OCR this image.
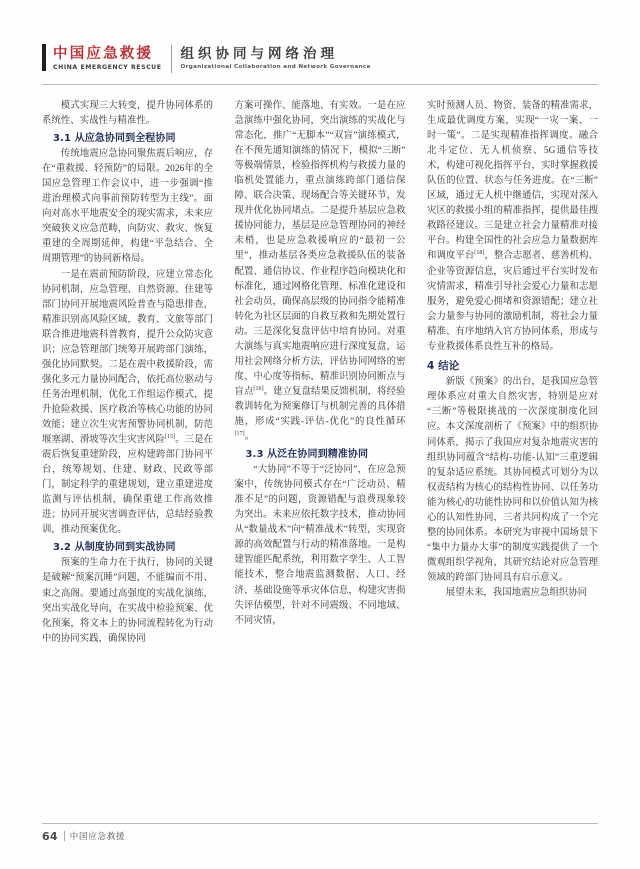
中国应急救援
CHINA EMERGENCY RESCUE
组织协同与网络治理
Organizational Collaboration and Network Governance

模式实现三大转变，提升协同体系的系统性、实战性与精准性。

3.1 从应急协同到全程协同

传统地震应急协同聚焦震后响应，存在“重救援、轻预防”的局限。2026年的全国应急管理工作会议中，进一步强调“推进治理模式向事前预防转型为主线”。面向对高水平地震安全的现实需求，未来应突破狭义应急范畴，向防灾、救灾、恢复重建的全周期延伸，构建“平急结合、全周期管理”的协同新格局。

一是在震前预防阶段，应建立常态化协同机制，应急管理、自然资源、住建等部门协同开展地震风险普查与隐患排查，精准识别高风险区域，教育、文旅等部门联合推进地震科普教育，提升公众防灾意识；应急管理部门统筹开展跨部门演练，强化协同默契。二是在震中救援阶段，需强化多元力量协同配合，依托高位驱动与任务治理机制，优化工作组运作模式，提升抢险救援、医疗救治等核心功能的协同效能；建立次生灾害预警协同机制，防范堰塞湖、滑坡等次生灾害风险[15]。三是在震后恢复重建阶段，应构建跨部门协同平台，统筹规划、住建、财政、民政等部门，制定科学的重建规划，建立重建进度监测与评估机制，确保重建工作高效推进；协同开展灾害调查评估，总结经验教训，推动预案优化。

3.2 从制度协同到实战协同

预案的生命力在于执行，协同的关键是破解“预案沉睡”问题，不能编而不用、束之高阁。要通过高强度的实战化演练，突出实战化导向，在实战中检验预案、优化预案，将文本上的协同流程转化为行动中的协同实践，确保协同

方案可操作、能落地、有实效。一是在应急演练中强化协同，突出演练的实战化与常态化，推广“无脚本”“双盲”演练模式，在不预先通知演练的情况下，模拟“三断”等极端情景，检验指挥机构与救援力量的临机处置能力，重点演练跨部门通信保障、联合决策、现场配合等关键环节，发现并优化协同堵点。二是提升基层应急救援协同能力，基层是应急管理协同的神经末梢，也是应急救援响应的“最初一公里”，推动基层各类应急救援队伍的装备配置、通信协议、作业程序趋向模块化和标准化，通过网格化管理、标准化建设和社会动员，确保高层级的协同指令能精准转化为社区层面的自救互救和先期处置行动。三是深化复盘评估中培育协同。对重大演练与真实地震响应进行深度复盘，运用社会网络分析方法，评估协同网络的密度、中心度等指标，精准识别协同断点与盲点[16]。建立复盘结果反馈机制，将经验教训转化为预案修订与机制完善的具体措施，形成“实践‑评估‑优化”的良性循环[17]。

3.3 从泛在协同到精准协同

“大协同”不等于“泛协同”，在应急预案中，传统协同模式存在“广泛动员、精准不足”的问题，资源错配与浪费现象较为突出。未来应依托数字技术，推动协同从“数量战术”向“精准战术”转型，实现资源的高效配置与行动的精准落地。一是构建智能匹配系统，利用数字孪生、人工智能技术，整合地震监测数据、人口、经济、基础设施等承灾体信息，构建灾害损失评估模型，针对不同震级、不同地域、不同灾情，

实时预测人员、物资、装备的精准需求，生成最优调度方案，实现“一灾一案、一时一策”。二是实现精准指挥调度。融合北斗定位、无人机侦察、5G通信等技术，构建可视化指挥平台，实时掌握救援队伍的位置、状态与任务进度。在“三断”区域，通过无人机中继通信，实现对深入灾区的救援小组的精准指挥，提供最佳搜救路径建议。三是建立社会力量精准对接平台。构建全国性的社会应急力量数据库和调度平台[18]，整合志愿者、慈善机构、企业等资源信息，灾后通过平台实时发布灾情需求，精准引导社会爱心力量和志愿服务，避免爱心拥堵和资源错配；建立社会力量参与协同的激励机制，将社会力量精准、有序地纳入官方协同体系，形成与专业救援体系良性互补的格局。

4 结论

新版《预案》的出台，是我国应急管理体系应对重大自然灾害，特别是应对“三断”等极限挑战的一次深度制度化回应。本文深度剖析了《预案》中的组织协同体系，揭示了我国应对复杂地震灾害的组织协同蕴含“结构‑功能‑认知”三重逻辑的复杂适应系统。其协同模式可划分为以权责结构为核心的结构性协同、以任务功能为核心的功能性协同和以价值认知为核心的认知性协同，三者共同构成了一个完整的协同体系。本研究为审视中国场景下“集中力量办大事”的制度实践提供了一个微观组织学视角，其研究结论对应急管理领域的跨部门协同具有启示意义。

展望未来，我国地震应急组织协同

64 中国应急救援
